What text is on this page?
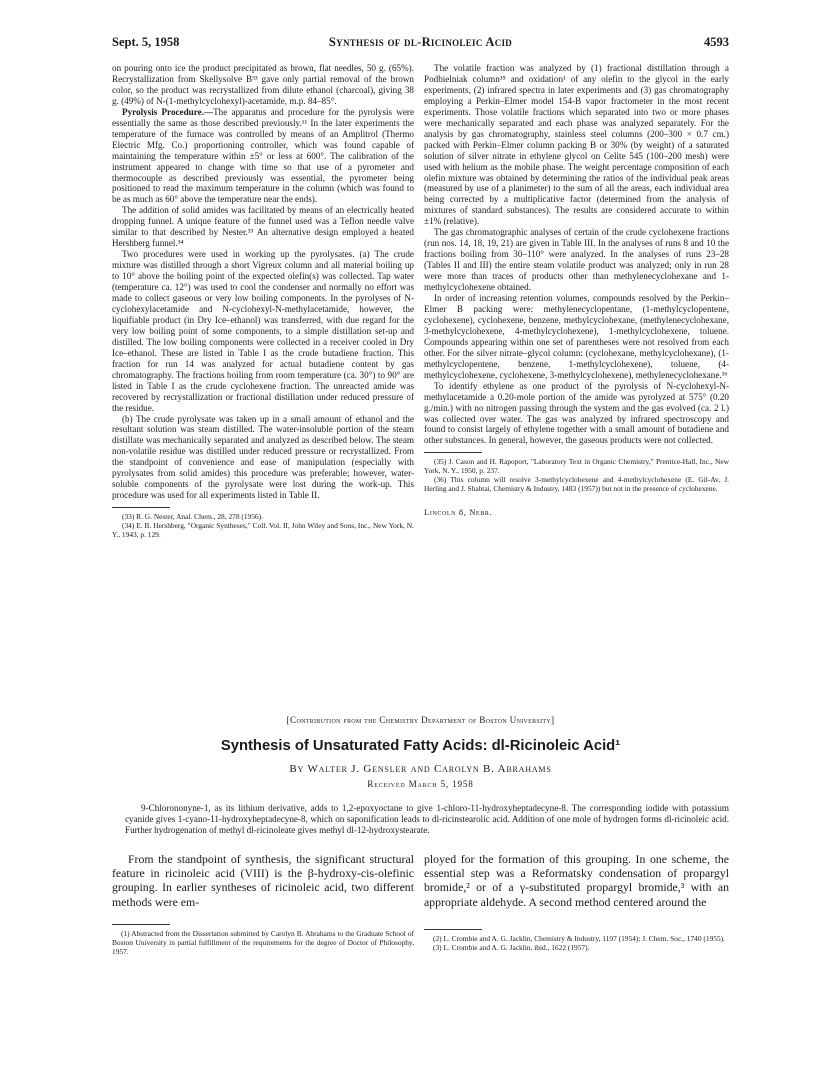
Sept. 5, 1958	Synthesis of dl-Ricinoleic Acid	4593

on pouring onto ice the product precipitated as brown, flat needles, 50 g. (65%). Recrystallization from Skellysolve B³³ gave only partial removal of the brown color, so the product was recrystallized from dilute ethanol (charcoal), giving 38 g. (49%) of N-(1-methylcyclohexyl)-acetamide, m.p. 84–85°.

Pyrolysis Procedure.—The apparatus and procedure for the pyrolysis were essentially the same as those described previously.¹¹ In the later experiments the temperature of the furnace was controlled by means of an Amplitrol (Thermo Electric Mfg. Co.) proportioning controller, which was found capable of maintaining the temperature within ±5° or less at 600°. The calibration of the instrument appeared to change with time so that use of a pyrometer and thermocouple as described previously was essential, the pyrometer being positioned to read the maximum temperature in the column (which was found to be as much as 60° above the temperature near the ends).

The addition of solid amides was facilitated by means of an electrically heated dropping funnel. A unique feature of the funnel used was a Teflon needle valve similar to that described by Nester.³³ An alternative design employed a heated Hershberg funnel.³⁴

Two procedures were used in working up the pyrolysates. (a) The crude mixture was distilled through a short Vigreux column and all material boiling up to 10° above the boiling point of the expected olefin(s) was collected. Tap water (temperature ca. 12°) was used to cool the condenser and normally no effort was made to collect gaseous or very low boiling components. In the pyrolyses of N-cyclohexylacetamide and N-cyclohexyl-N-methylacetamide, however, the liquifiable product (in Dry Ice–ethanol) was transferred, with due regard for the very low boiling point of some components, to a simple distillation set-up and distilled. The low boiling components were collected in a receiver cooled in Dry Ice–ethanol. These are listed in Table I as the crude butadiene fraction. This fraction for run 14 was analyzed for actual butadiene content by gas chromatography. The fractions boiling from room temperature (ca. 30°) to 90° are listed in Table I as the crude cyclohexene fraction. The unreacted amide was recovered by recrystallization or fractional distillation under reduced pressure of the residue.

(b) The crude pyrolysate was taken up in a small amount of ethanol and the resultant solution was steam distilled. The water-insoluble portion of the steam distillate was mechanically separated and analyzed as described below. The steam non-volatile residue was distilled under reduced pressure or recrystallized. From the standpoint of convenience and ease of manipulation (especially with pyrolysates from solid amides) this procedure was preferable; however, water-soluble components of the pyrolysate were lost during the work-up. This procedure was used for all experiments listed in Table II.

(33) R. G. Nester, Anal. Chem., 28, 278 (1956).

(34) E. B. Hershberg, "Organic Syntheses," Coll. Vol. II, John Wiley and Sons, Inc., New York, N. Y., 1943, p. 129.

The volatile fraction was analyzed by (1) fractional distillation through a Podbielniak column³⁵ and oxidation¹ of any olefin to the glycol in the early experiments, (2) infrared spectra in later experiments and (3) gas chromatography employing a Perkin–Elmer model 154-B vapor fractometer in the most recent experiments. Those volatile fractions which separated into two or more phases were mechanically separated and each phase was analyzed separately. For the analysis by gas chromatography, stainless steel columns (200–300 × 0.7 cm.) packed with Perkin–Elmer column packing B or 30% (by weight) of a saturated solution of silver nitrate in ethylene glycol on Celite 545 (100–200 mesh) were used with helium as the mobile phase. The weight percentage composition of each olefin mixture was obtained by determining the ratios of the individual peak areas (measured by use of a planimeter) to the sum of all the areas, each individual area being corrected by a multiplicative factor (determined from the analysis of mixtures of standard substances). The results are considered accurate to within ±1% (relative).

The gas chromatographic analyses of certain of the crude cyclohexene fractions (run nos. 14, 18, 19, 21) are given in Table III. In the analyses of runs 8 and 10 the fractions boiling from 30–110° were analyzed. In the analyses of runs 23–28 (Tables II and III) the entire steam volatile product was analyzed; only in run 28 were more than traces of products other than methylenecyclohexane and 1-methylcyclohexene obtained.

In order of increasing retention volumes, compounds resolved by the Perkin–Elmer B packing were: methylenecyclopentane, (1-methylcyclopentene, cyclohexene), cyclohexene, benzene, methylcyclohexane, (methylenecyclohexane, 3-methylcyclohexene, 4-methylcyclohexene), 1-methylcyclohexene, toluene. Compounds appearing within one set of parentheses were not resolved from each other. For the silver nitrate–glycol column: (cyclohexane, methylcyclohexane), (1-methylcyclopentene, benzene, 1-methylcyclohexene), toluene, (4-methylcyclohexene, cyclohexene, 3-methylcyclohexene), methylenecyclohexane.³⁶

To identify ethylene as one product of the pyrolysis of N-cyclohexyl-N-methylacetamide a 0.20-mole portion of the amide was pyrolyzed at 575° (0.20 g./min.) with no nitrogen passing through the system and the gas evolved (ca. 2 l.) was collected over water. The gas was analyzed by infrared spectroscopy and found to consist largely of ethylene together with a small amount of butadiene and other substances. In general, however, the gaseous products were not collected.

(35) J. Cason and H. Rapoport, "Laboratory Text in Organic Chemistry," Prentice-Hall, Inc., New York, N. Y., 1950, p. 237.

(36) This column will resolve 3-methylcyclohexene and 4-methylcyclohexene (E. Gil-Av, J. Herling and J. Shabtai, Chemistry & Industry, 1483 (1957)) but not in the presence of cyclohexene.

Lincoln 8, Nebr.
[Contribution from the Chemistry Department of Boston University]
Synthesis of Unsaturated Fatty Acids: dl-Ricinoleic Acid¹
By Walter J. Gensler and Carolyn B. Abrahams
Received March 5, 1958

9-Chlorononyne-1, as its lithium derivative, adds to 1,2-epoxyoctane to give 1-chloro-11-hydroxyheptadecyne-8. The corresponding iodide with potassium cyanide gives 1-cyano-11-hydroxyheptadecyne-8, which on saponification leads to dl-ricinstearolic acid. Addition of one mole of hydrogen forms dl-ricinoleic acid. Further hydrogenation of methyl dl-ricinoleate gives methyl dl-12-hydroxystearate.

From the standpoint of synthesis, the significant structural feature in ricinoleic acid (VIII) is the β-hydroxy-cis-olefinic grouping. In earlier syntheses of ricinoleic acid, two different methods were em-

ployed for the formation of this grouping. In one scheme, the essential step was a Reformatsky condensation of propargyl bromide,² or of a γ-substituted propargyl bromide,³ with an appropriate aldehyde. A second method centered around the

(1) Abstracted from the Dissertation submitted by Carolyn B. Abrahams to the Graduate School of Boston University in partial fulfillment of the requirements for the degree of Doctor of Philosophy, 1957.

(2) L. Crombie and A. G. Jacklin, Chemistry & Industry, 1197 (1954); J. Chem. Soc., 1740 (1955).

(3) L. Crombie and A. G. Jacklin, ibid., 1622 (1957).
